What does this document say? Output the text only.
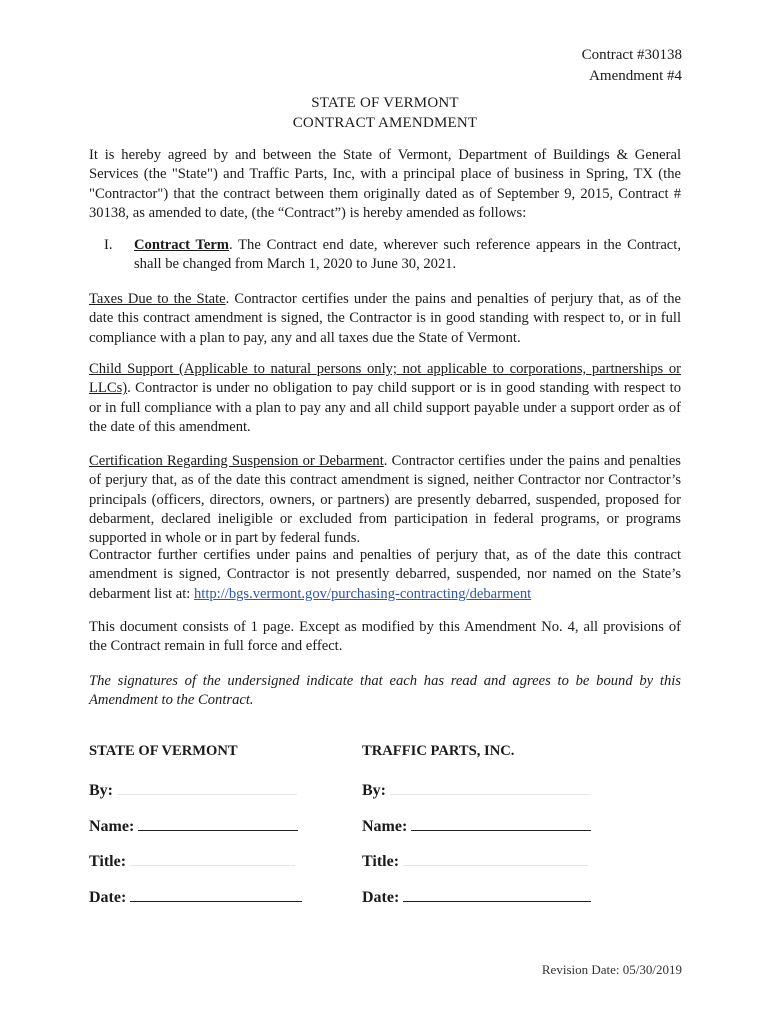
Contract #30138
Amendment #4
STATE OF VERMONT
CONTRACT AMENDMENT

It is hereby agreed by and between the State of Vermont, Department of Buildings & General Services (the "State") and Traffic Parts, Inc, with a principal place of business in Spring, TX (the "Contractor") that the contract between them originally dated as of September 9, 2015, Contract # 30138, as amended to date, (the “Contract”) is hereby amended as follows:

I. Contract Term. The Contract end date, wherever such reference appears in the Contract, shall be changed from March 1, 2020 to June 30, 2021.

Taxes Due to the State. Contractor certifies under the pains and penalties of perjury that, as of the date this contract amendment is signed, the Contractor is in good standing with respect to, or in full compliance with a plan to pay, any and all taxes due the State of Vermont.

Child Support (Applicable to natural persons only; not applicable to corporations, partnerships or LLCs). Contractor is under no obligation to pay child support or is in good standing with respect to or in full compliance with a plan to pay any and all child support payable under a support order as of the date of this amendment.

Certification Regarding Suspension or Debarment. Contractor certifies under the pains and penalties of perjury that, as of the date this contract amendment is signed, neither Contractor nor Contractor’s principals (officers, directors, owners, or partners) are presently debarred, suspended, proposed for debarment, declared ineligible or excluded from participation in federal programs, or programs supported in whole or in part by federal funds.

Contractor further certifies under pains and penalties of perjury that, as of the date this contract amendment is signed, Contractor is not presently debarred, suspended, nor named on the State’s debarment list at: http://bgs.vermont.gov/purchasing-contracting/debarment

This document consists of 1 page. Except as modified by this Amendment No. 4, all provisions of the Contract remain in full force and effect.

The signatures of the undersigned indicate that each has read and agrees to be bound by this Amendment to the Contract.

STATE OF VERMONT
By:
Name:
Title:
Date:
TRAFFIC PARTS, INC.
By:
Name:
Title:
Date:
Revision Date: 05/30/2019
